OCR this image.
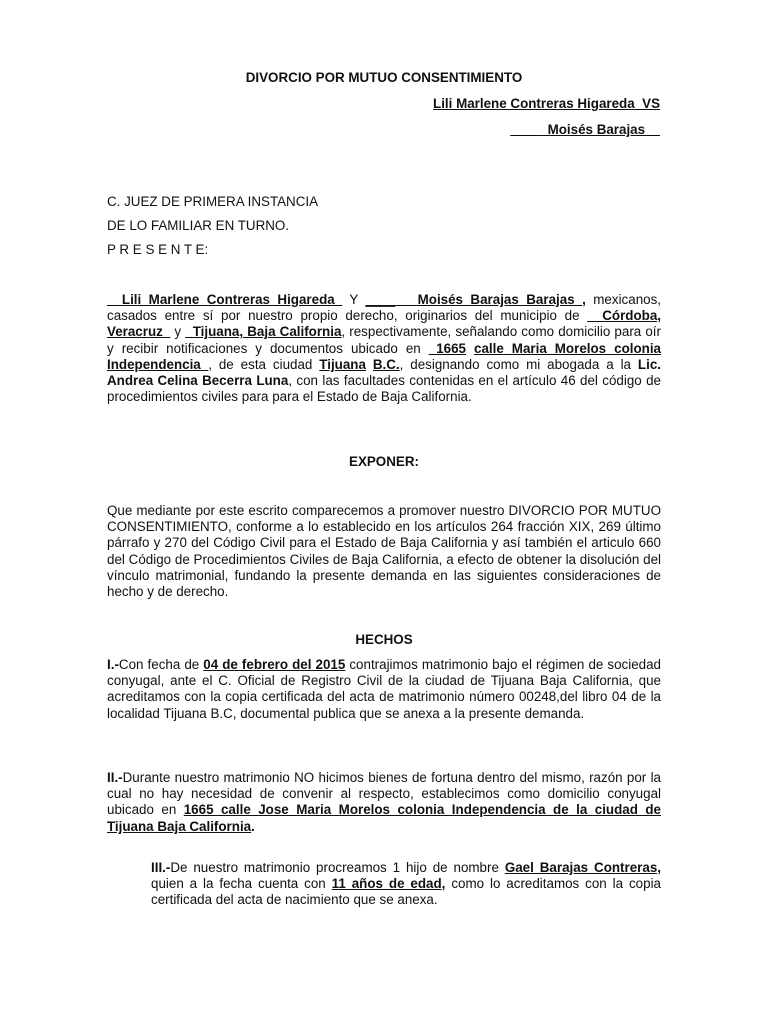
DIVORCIO POR MUTUO CONSENTIMIENTO
Lili Marlene Contreras Higareda_VS
_____Moisés Barajas__
C. JUEZ DE PRIMERA INSTANCIA
DE LO FAMILIAR EN TURNO.
P R E S E N T E:

__Lili Marlene Contreras Higareda_ Y _______Moisés Barajas Barajas_, mexicanos, casados entre sí por nuestro propio derecho, originarios del municipio de __Córdoba, Veracruz_ y _Tijuana, Baja California, respectivamente, señalando como domicilio para oír y recibir notificaciones y documentos ubicado en _1665 calle Maria Morelos colonia Independencia_, de esta ciudad Tijuana B.C., designando como mi abogada a la Lic. Andrea Celina Becerra Luna, con las facultades contenidas en el artículo 46 del código de procedimientos civiles para para el Estado de Baja California.

EXPONER:

Que mediante por este escrito comparecemos a promover nuestro DIVORCIO POR MUTUO CONSENTIMIENTO, conforme a lo establecido en los artículos 264 fracción XIX, 269 último párrafo y 270 del Código Civil para el Estado de Baja California y así también el articulo 660 del Código de Procedimientos Civiles de Baja California, a efecto de obtener la disolución del vínculo matrimonial, fundando la presente demanda en las siguientes consideraciones de hecho y de derecho.

HECHOS

I.-Con fecha de 04 de febrero del 2015 contrajimos matrimonio bajo el régimen de sociedad conyugal, ante el C. Oficial de Registro Civil de la ciudad de Tijuana Baja California, que acreditamos con la copia certificada del acta de matrimonio número 00248,del libro 04 de la localidad Tijuana B.C, documental publica que se anexa a la presente demanda.

II.-Durante nuestro matrimonio NO hicimos bienes de fortuna dentro del mismo, razón por la cual no hay necesidad de convenir al respecto, establecimos como domicilio conyugal ubicado en 1665 calle Jose Maria Morelos colonia Independencia de la ciudad de Tijuana Baja California.

III.-De nuestro matrimonio procreamos 1 hijo de nombre Gael Barajas Contreras, quien a la fecha cuenta con 11 años de edad, como lo acreditamos con la copia certificada del acta de nacimiento que se anexa.
